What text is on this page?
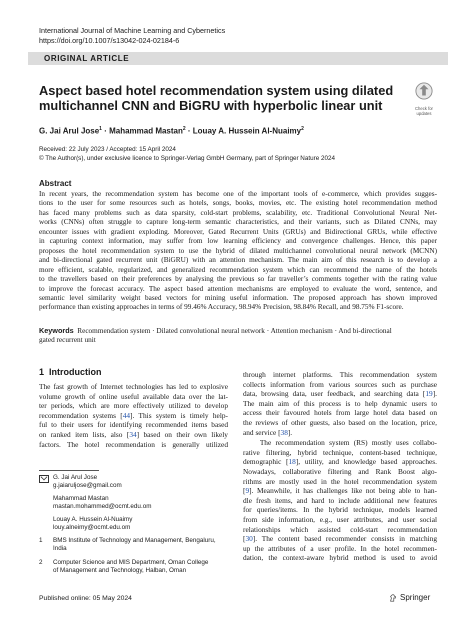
International Journal of Machine Learning and Cybernetics
https://doi.org/10.1007/s13042-024-02184-6
ORIGINAL ARTICLE
Check for
updates
Aspect based hotel recommendation system using dilated
multichannel CNN and BiGRU with hyperbolic linear unit
G. Jai Arul Jose$^1$ · Mahammad Mastan$^2$ · Louay A. Hussein Al-Nuaimy$^2$
Received: 22 July 2023 / Accepted: 15 April 2024
© The Author(s), under exclusive licence to Springer-Verlag GmbH Germany, part of Springer Nature 2024
Abstract
In recent years, the recommendation system has become one of the important tools of e-commerce, which provides sugges-
tions to the user for some resources such as hotels, songs, books, movies, etc. The existing hotel recommendation method
has faced many problems such as data sparsity, cold-start problems, scalability, etc. Traditional Convolutional Neural Net-
works (CNNs) often struggle to capture long-term semantic characteristics, and their variants, such as Dilated CNNs, may
encounter issues with gradient exploding. Moreover, Gated Recurrent Units (GRUs) and Bidirectional GRUs, while effective
in capturing context information, may suffer from low learning efficiency and convergence challenges. Hence, this paper
proposes the hotel recommendation system to use the hybrid of dilated multichannel convolutional neural network (MCNN)
and bi-directional gated recurrent unit (BiGRU) with an attention mechanism. The main aim of this research is to develop a
more efficient, scalable, regularized, and generalized recommendation system which can recommend the name of the hotels
to the travellers based on their preferences by analysing the previous so far traveller’s comments together with the rating value
to improve the forecast accuracy. The aspect based attention mechanisms are employed to evaluate the word, sentence, and
semantic level similarity weight based vectors for mining useful information. The proposed approach has shown improved
performance than existing approaches in terms of 99.46% Accuracy, 98.94% Precision, 98.84% Recall, and 98.75% F1-score.
Keywords Recommendation system · Dilated convolutional neural network · Attention mechanism · And bi-directional
gated recurrent unit
1 Introduction
The fast growth of Internet technologies has led to explosive
volume growth of online useful available data over the lat-
ter periods, which are more effectively utilized to develop
recommendation systems [44]. This system is timely help-
ful to their users for identifying recommended items based
on ranked item lists, also [34] based on their own likely
factors. The hotel recommendation is generally utilized
through internet platforms. This recommendation system
collects information from various sources such as purchase
data, browsing data, user feedback, and searching data [19].
The main aim of this process is to help dynamic users to
access their favoured hotels from large hotel data based on
the reviews of other guests, also based on the location, price,
and service [38].
The recommendation system (RS) mostly uses collabo-
rative filtering, hybrid technique, content-based technique,
demographic [18], utility, and knowledge based approaches.
Nowadays, collaborative filtering and Rank Boost algo-
rithms are mostly used in the hotel recommendation system
[9]. Meanwhile, it has challenges like not being able to han-
dle fresh items, and hard to include additional new features
for queries/items. In the hybrid technique, models learned
from side information, e.g., user attributes, and user social
relationships which assisted cold-start recommendation
[30]. The content based recommender consists in matching
up the attributes of a user profile. In the hotel recommen-
dation, the context-aware hybrid method is used to avoid
G. Jai Arul Jose
g.jaiaruljose@gmail.com
Mahammad Mastan
mastan.mohammed@ocmt.edu.om
Louay A. Hussein Al-Nuaimy
louy.alneimy@ocmt.edu.om
1	BMS Institute of Technology and Management, Bengaluru,
India
2	Computer Science and MIS Department, Oman College
of Management and Technology, Halban, Oman
Published online: 05 May 2024	Springer
